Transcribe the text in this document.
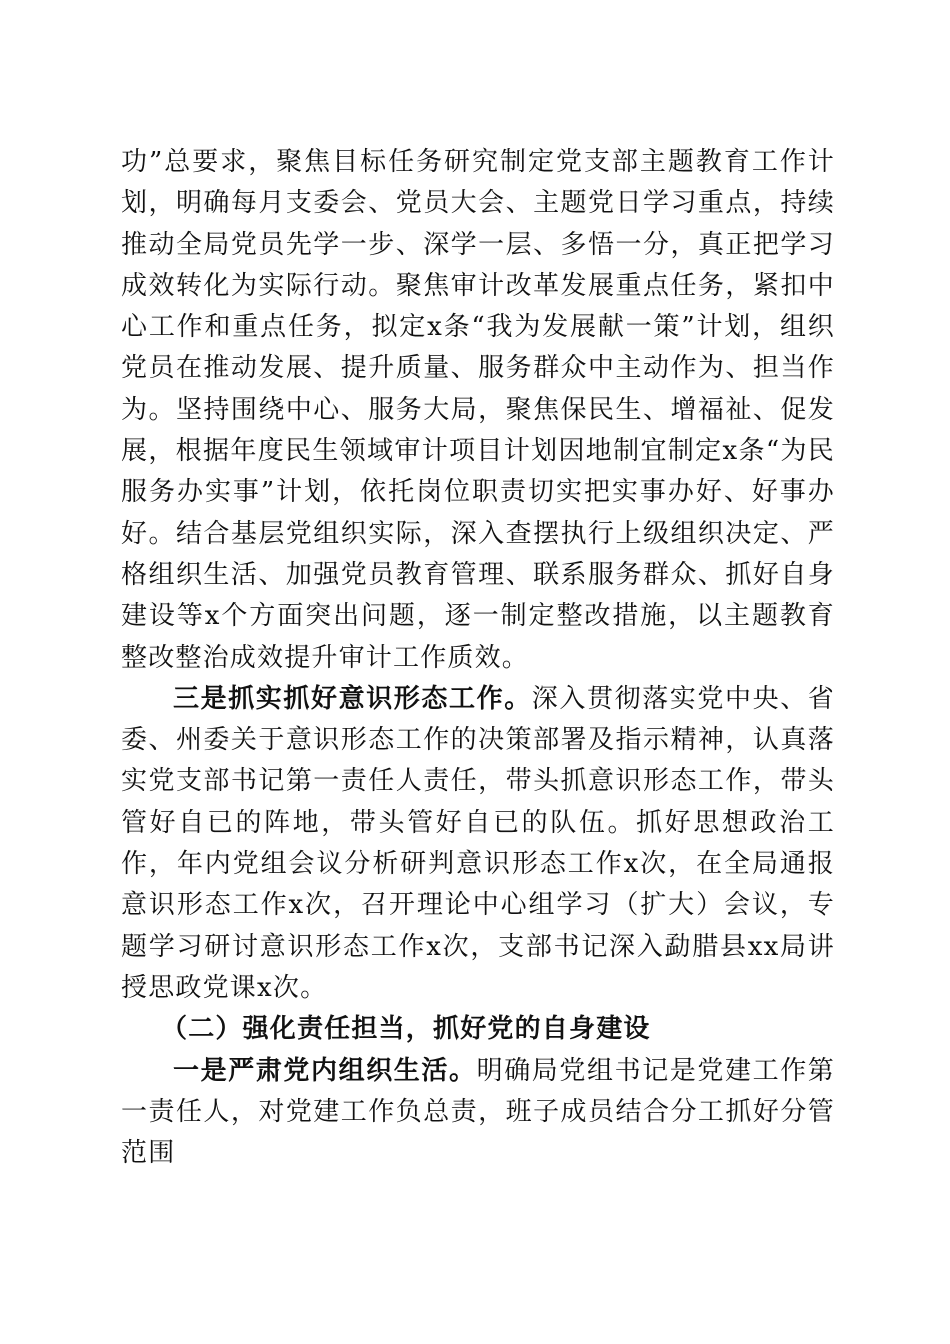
功”总要求，聚焦目标任务研究制定党支部主题教育工作计划，明确每月支委会、党员大会、主题党日学习重点，持续推动全局党员先学一步、深学一层、多悟一分，真正把学习成效转化为实际行动。聚焦审计改革发展重点任务，紧扣中心工作和重点任务，拟定x条“我为发展献一策”计划，组织党员在推动发展、提升质量、服务群众中主动作为、担当作为。坚持围绕中心、服务大局，聚焦保民生、增福祉、促发展，根据年度民生领域审计项目计划因地制宜制定x条“为民服务办实事”计划，依托岗位职责切实把实事办好、好事办好。结合基层党组织实际，深入查摆执行上级组织决定、严格组织生活、加强党员教育管理、联系服务群众、抓好自身建设等x个方面突出问题，逐一制定整改措施，以主题教育整改整治成效提升审计工作质效。

三是抓实抓好意识形态工作。深入贯彻落实党中央、省委、州委关于意识形态工作的决策部署及指示精神，认真落实党支部书记第一责任人责任，带头抓意识形态工作，带头管好自已的阵地，带头管好自已的队伍。抓好思想政治工作，年内党组会议分析研判意识形态工作x次，在全局通报意识形态工作x次，召开理论中心组学习（扩大）会议，专题学习研讨意识形态工作x次，支部书记深入勐腊县xx局讲授思政党课x次。

（二）强化责任担当，抓好党的自身建设

一是严肃党内组织生活。明确局党组书记是党建工作第一责任人，对党建工作负总责，班子成员结合分工抓好分管范围
